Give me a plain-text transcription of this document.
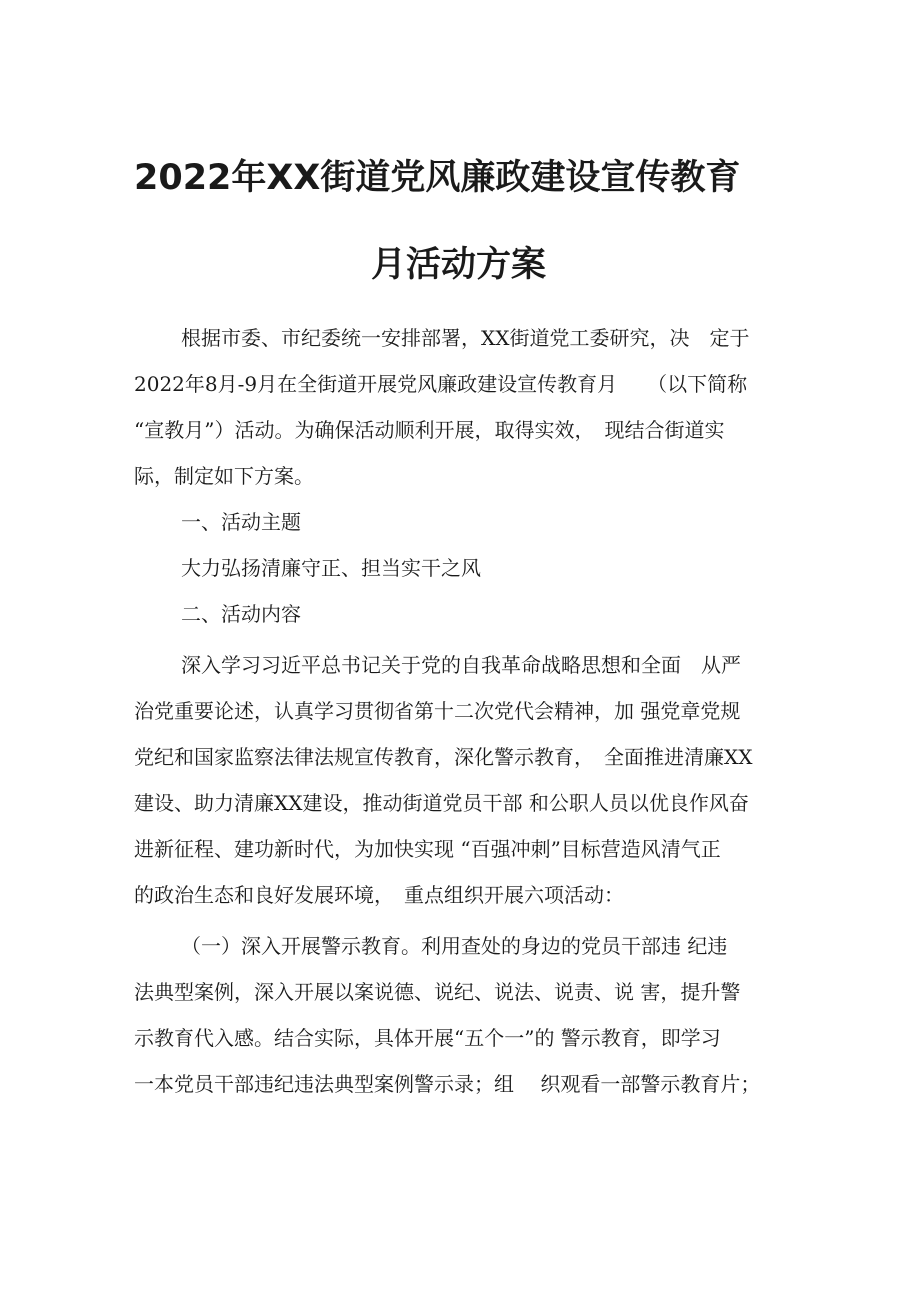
2022年XX街道党风廉政建设宣传教育
月活动方案
根据市委、市纪委统一安排部署，XX街道党工委研究，决　定于
2022年8月-9月在全街道开展党风廉政建设宣传教育月　　（以下简称
“宣教月”）活动。为确保活动顺利开展，取得实效，　现结合街道实
际，制定如下方案。
一、活动主题
大力弘扬清廉守正、担当实干之风
二、活动内容
深入学习习近平总书记关于党的自我革命战略思想和全面　从严
治党重要论述，认真学习贯彻省第十二次党代会精神，加 强党章党规
党纪和国家监察法律法规宣传教育，深化警示教育，　全面推进清廉XX
建设、助力清廉XX建设，推动街道党员干部 和公职人员以优良作风奋
进新征程、建功新时代，为加快实现 “百强冲刺”目标营造风清气正
的政治生态和良好发展环境，　重点组织开展六项活动：
（一）深入开展警示教育。利用查处的身边的党员干部违 纪违
法典型案例，深入开展以案说德、说纪、说法、说责、说 害，提升警
示教育代入感。结合实际，具体开展“五个一”的 警示教育，即学习
一本党员干部违纪违法典型案例警示录；组　 织观看一部警示教育片；
